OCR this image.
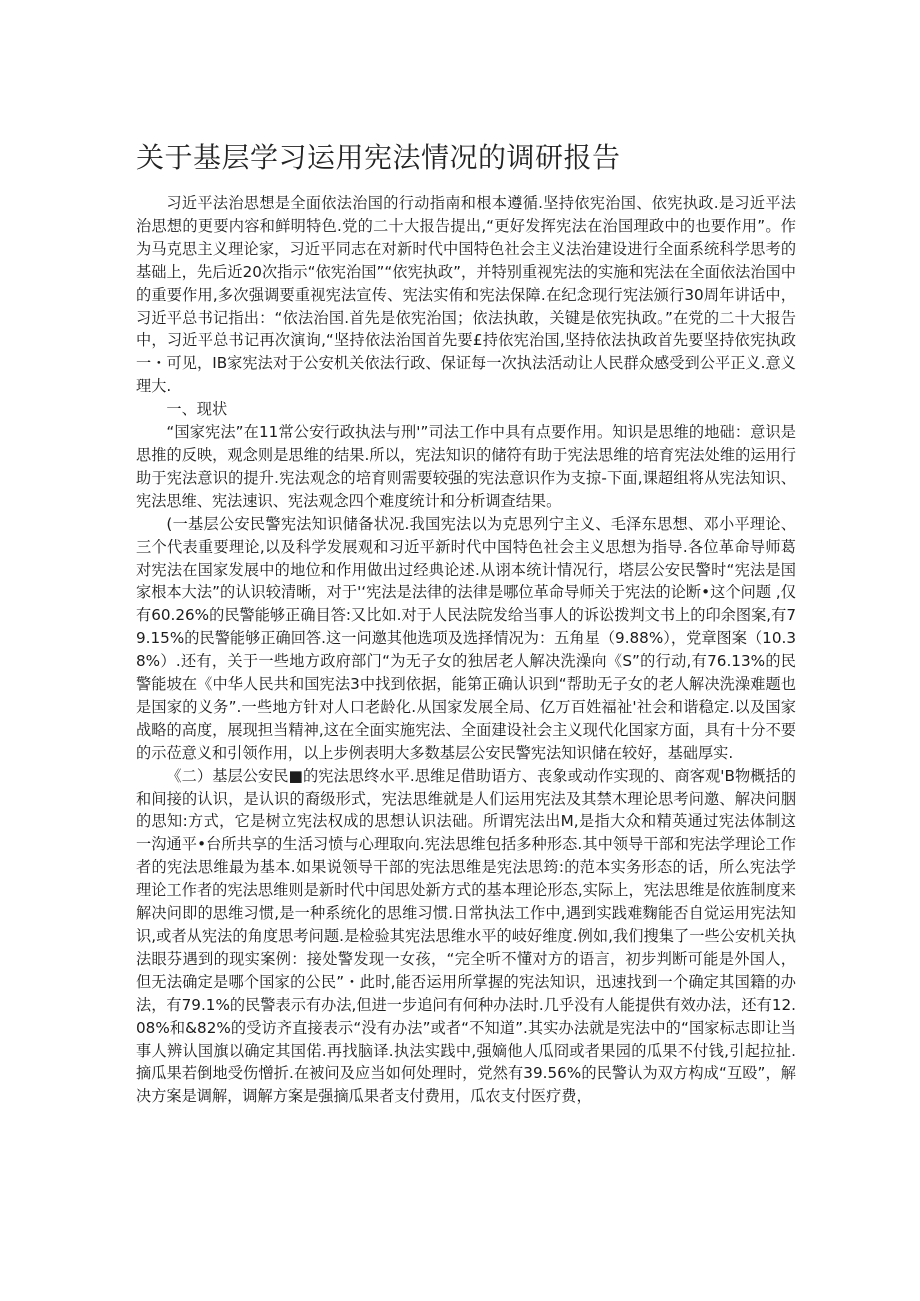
关于基层学习运用宪法情况的调研报告

习近平法治思想是全面依法治国的行动指南和根本遵循.坚持依宪治国、依宪执政.是习近平法治思想的更要内容和鲜明特色.党的二十大报告提出,“更好发挥宪法在治国理政中的也要作用”。作为马克思主义理论家，习近平同志在对新时代中国特色社会主义法治建设进行全面系统科学思考的基础上，先后近20次指示“依宪治国”“依宪执政”，并特别重视宪法的实施和宪法在全面依法治国中的重要作用,多次强调要重视宪法宣传、宪法实侑和宪法保障.在纪念现行宪法颁行30周年讲话中，习近平总书记指出：“依法治国.首先是依宪治国；依法执敢，关键是依宪执政。”在党的二十大报告中，习近平总书记再次演询,“坚持依法治国首先要£持依宪治国,坚持依法执政首先要坚持依宪执政一・可见，IB家宪法对于公安机关依法行政、保证每一次执法活动让人民群众感受到公平正义.意义理大.

一、现状

“国家宪法”在11常公安行政执法与刑'”司法工作中具有点要作用。知识是思维的地础：意识是思推的反映，观念则是思维的结果.所以，宪法知识的储符有助于宪法思维的培育宪法处维的运用行助于宪法意识的提升.宪法观念的培育则需要较强的宪法意识作为支掠-下面,课超组将从宪法知识、宪法思维、宪法速识、宪法观念四个难度统计和分析调查结果。

(一基层公安民警宪法知识储备状况.我国宪法以为克思列宁主义、毛泽东思想、邓小平理论、三个代表重要理论,以及科学发展观和习近平新时代中国特色社会主义思想为指导.各位革命导师葛对宪法在国家发展中的地位和作用做出过经典论述.从诩本统计情况行，塔层公安民警时“宪法是国家根本大法”的认识较清晰，对于'‘宪法是法律的法律是哪位革命导师关于宪法的论断•这个问题 ,仅有60.26%的民警能够正确目答:又比如.对于人民法院发给当事人的诉讼拨判文书上的印余图案,有79.15%的民警能够正确回答.这一问邀其他选项及选择情况为：五角星（9.88%），党章图案（10.38%）.还有，关于一些地方政府部门“为无子女的独居老人解决洗澡向《S”的行动,有76.13%的民警能坡在《中华人民共和国宪法3中找到依据，能第正确认识到“帮助无子女的老人解决洗澡难题也是国家的义务”.一些地方针对人口老龄化.从国家发展全局、亿万百姓福祉'社会和谐稳定.以及国家战略的高度，展现担当精神,这在全面实施宪法、全面建设社会主义现代化国家方面，具有十分不要的示莅意义和引领作用，以上步例表明大多数基层公安民警宪法知识储在较好，基础厚实.

《二）基层公安民■的宪法思终水平.思维足借助语方、丧象或动作实现的、商客观'B物概括的和间接的认识，是认识的裔级形式，宪法思维就是人们运用宪法及其禁木理论思考问邀、解决问胭的思知:方式，它是树立宪法权成的思想认识法础。所谓宪法出M,是指大众和精英通过宪法体制这一沟通平•台所共享的生活习愤与心理取向.宪法思维包括多种形态.其中领导干部和宪法学理论工作者的宪法思维最为基本.如果说领导干部的宪法思维是宪法思筠:的范本实务形态的话，所么宪法学理论工作者的宪法思维则是新时代中闰思处新方式的基本理论形态,实际上，宪法思维是依旌制度来解决问即的思维习惯,是一种系统化的思维习惯.日常执法工作中,遇到实践难麴能否自觉运用宪法知识,或者从宪法的角度思考问题.是检验其宪法思维水平的岐好维度.例如,我们搜集了一些公安机关执法眼芬遇到的现实案例：接处警发现一女孩，“完全听不懂对方的语言，初步判断可能是外国人，但无法确定是哪个国家的公民”・此时,能否运用所掌握的宪法知识，迅速找到一个确定其国籍的办法，有79.1%的民警表示有办法,但进一步追问有何种办法时.几乎没有人能提供有效办法，还有12.08%和&82%的受访齐直接表示“没有办法”或者“不知道”.其实办法就是宪法中的“国家标志即让当事人辨认国旗以确定其国偌.再找脑译.执法实践中,强嫡他人瓜冏或者果园的瓜果不付钱,引起拉扯.摘瓜果若倒地受伤憎折.在被问及应当如何处理时，党然有39.56%的民警认为双方构成“互殴”，解决方案是调解，调解方案是强摘瓜果者支付费用，瓜农支付医疗费，
